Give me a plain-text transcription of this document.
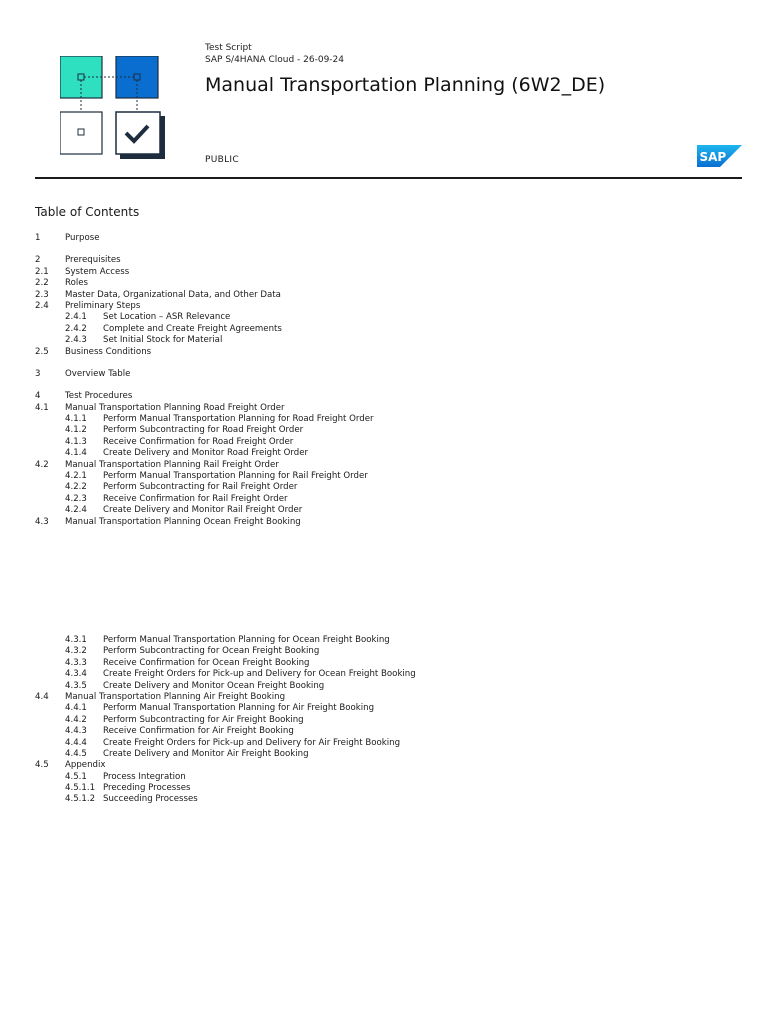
Test Script
SAP S/4HANA Cloud - 26-09-24
Manual Transportation Planning (6W2_DE)
PUBLIC	SAP
Table of Contents
1	Purpose
2	Prerequisites
2.1	System Access
2.2	Roles
2.3	Master Data, Organizational Data, and Other Data
2.4	Preliminary Steps
2.4.1	Set Location – ASR Relevance
2.4.2	Complete and Create Freight Agreements
2.4.3	Set Initial Stock for Material
2.5	Business Conditions
3	Overview Table
4	Test Procedures
4.1	Manual Transportation Planning Road Freight Order
4.1.1	Perform Manual Transportation Planning for Road Freight Order
4.1.2	Perform Subcontracting for Road Freight Order
4.1.3	Receive Confirmation for Road Freight Order
4.1.4	Create Delivery and Monitor Road Freight Order
4.2	Manual Transportation Planning Rail Freight Order
4.2.1	Perform Manual Transportation Planning for Rail Freight Order
4.2.2	Perform Subcontracting for Rail Freight Order
4.2.3	Receive Confirmation for Rail Freight Order
4.2.4	Create Delivery and Monitor Rail Freight Order
4.3	Manual Transportation Planning Ocean Freight Booking
4.3.1	Perform Manual Transportation Planning for Ocean Freight Booking
4.3.2	Perform Subcontracting for Ocean Freight Booking
4.3.3	Receive Confirmation for Ocean Freight Booking
4.3.4	Create Freight Orders for Pick-up and Delivery for Ocean Freight Booking
4.3.5	Create Delivery and Monitor Ocean Freight Booking
4.4	Manual Transportation Planning Air Freight Booking
4.4.1	Perform Manual Transportation Planning for Air Freight Booking
4.4.2	Perform Subcontracting for Air Freight Booking
4.4.3	Receive Confirmation for Air Freight Booking
4.4.4	Create Freight Orders for Pick-up and Delivery for Air Freight Booking
4.4.5	Create Delivery and Monitor Air Freight Booking
4.5	Appendix
4.5.1	Process Integration
4.5.1.1 Preceding Processes
4.5.1.2 Succeeding Processes
